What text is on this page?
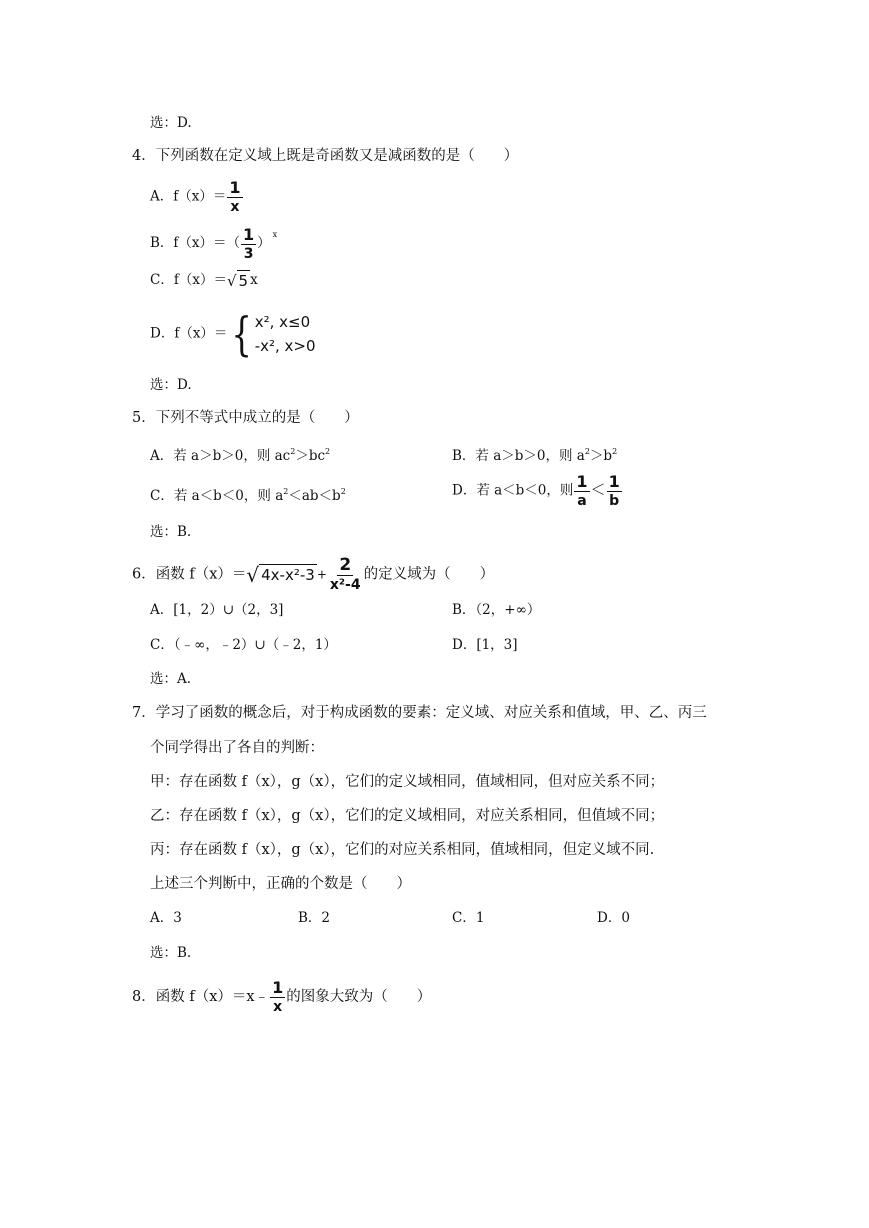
选：D.
4．下列函数在定义域上既是奇函数又是减函数的是（　　）
A．$f(x)= \frac{1}{x}$
B．$f(x)=( \frac{1}{3} )^x$
C．f（x）＝√ 5 x
D．f（x）＝ { x², x≤0
-x², x>0
选：D.
5．下列不等式中成立的是（　　）
A．若 a＞b＞0，则 $ac^2>bc^2$	B．若 a＞b＞0，则 $a^2>b^2$
C．若 a＜b＜0，则 $a^2<ab<b^2$	D．若 a＜b＜0，则 $\frac{1}{a} < \frac{1}{b}$
选：B.
6．函数 f（x）＝√ $4x-x^2-3 + \frac{2}{\text{x²-4}}$ 的定义域为（　　）
A．[1，2）∪（2，3]	B．（2，+∞）
C．（﹣∞，﹣2）∪（﹣2，1）	D．[1，3]
选：A.
7．学习了函数的概念后，对于构成函数的要素：定义域、对应关系和值域，甲、乙、丙三
个同学得出了各自的判断：
甲：存在函数 f（x），g（x），它们的定义域相同，值域相同，但对应关系不同；
乙：存在函数 f（x），g（x），它们的定义域相同，对应关系相同，但值域不同；
丙：存在函数 f（x），g（x），它们的对应关系相同，值域相同，但定义域不同.
上述三个判断中，正确的个数是（　　）
A．3	B．2	C．1	D．0
选：B.
8．函数 f（x）＝x﹣ $\frac{1}{x}$ 的图象大致为（　　）
